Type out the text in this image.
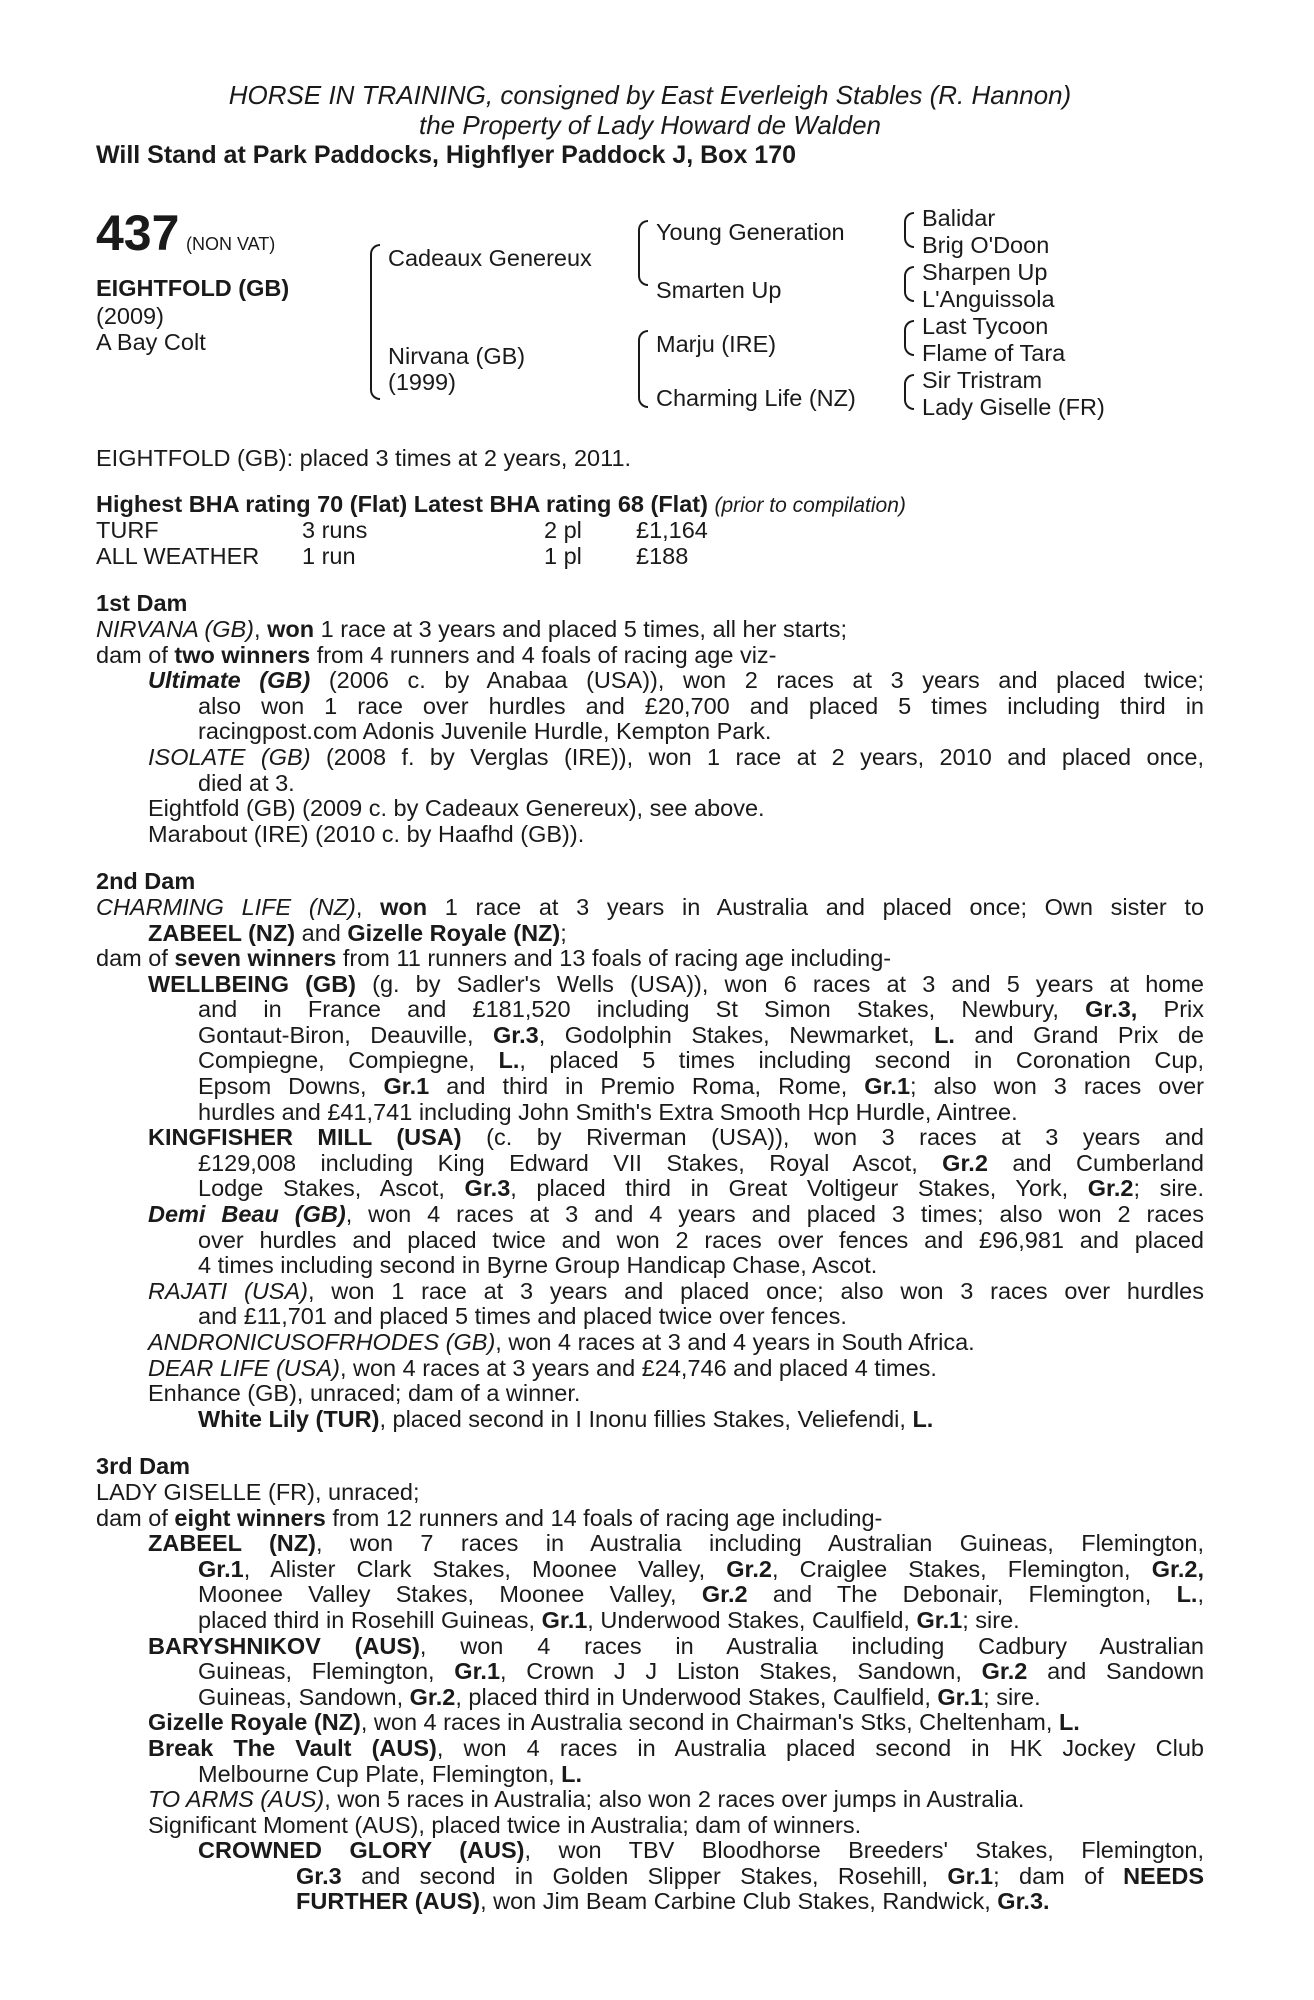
HORSE IN TRAINING, consigned by East Everleigh Stables (R. Hannon)
the Property of Lady Howard de Walden
Will Stand at Park Paddocks, Highflyer Paddock J, Box 170
437 (NON VAT)
EIGHTFOLD (GB)
(2009)
A Bay Colt
Cadeaux Genereux
Nirvana (GB)
(1999)
Young Generation
Smarten Up
Marju (IRE)
Charming Life (NZ)
Balidar
Brig O'Doon
Sharpen Up
L'Anguissola
Last Tycoon
Flame of Tara
Sir Tristram
Lady Giselle (FR)
EIGHTFOLD (GB): placed 3 times at 2 years, 2011.
Highest BHA rating 70 (Flat) Latest BHA rating 68 (Flat) (prior to compilation)
TURF	3 runs	2 pl £1,164
ALL WEATHER 1 run	1 pl £188
1st Dam
NIRVANA (GB), won 1 race at 3 years and placed 5 times, all her starts;
dam of two winners from 4 runners and 4 foals of racing age viz-
Ultimate (GB) (2006 c. by Anabaa (USA)), won 2 races at 3 years and placed twice;
also won 1 race over hurdles and £20,700 and placed 5 times including third in
racingpost.com Adonis Juvenile Hurdle, Kempton Park.
ISOLATE (GB) (2008 f. by Verglas (IRE)), won 1 race at 2 years, 2010 and placed once,
died at 3.
Eightfold (GB) (2009 c. by Cadeaux Genereux), see above.
Marabout (IRE) (2010 c. by Haafhd (GB)).
2nd Dam
CHARMING LIFE (NZ), won 1 race at 3 years in Australia and placed once; Own sister to
ZABEEL (NZ) and Gizelle Royale (NZ);
dam of seven winners from 11 runners and 13 foals of racing age including-
WELLBEING (GB) (g. by Sadler's Wells (USA)), won 6 races at 3 and 5 years at home
and in France and £181,520 including St Simon Stakes, Newbury, Gr.3, Prix
Gontaut-Biron, Deauville, Gr.3, Godolphin Stakes, Newmarket, L. and Grand Prix de
Compiegne, Compiegne, L., placed 5 times including second in Coronation Cup,
Epsom Downs, Gr.1 and third in Premio Roma, Rome, Gr.1; also won 3 races over
hurdles and £41,741 including John Smith's Extra Smooth Hcp Hurdle, Aintree.
KINGFISHER MILL (USA) (c. by Riverman (USA)), won 3 races at 3 years and
£129,008 including King Edward VII Stakes, Royal Ascot, Gr.2 and Cumberland
Lodge Stakes, Ascot, Gr.3, placed third in Great Voltigeur Stakes, York, Gr.2; sire.
Demi Beau (GB), won 4 races at 3 and 4 years and placed 3 times; also won 2 races
over hurdles and placed twice and won 2 races over fences and £96,981 and placed
4 times including second in Byrne Group Handicap Chase, Ascot.
RAJATI (USA), won 1 race at 3 years and placed once; also won 3 races over hurdles
and £11,701 and placed 5 times and placed twice over fences.
ANDRONICUSOFRHODES (GB), won 4 races at 3 and 4 years in South Africa.
DEAR LIFE (USA), won 4 races at 3 years and £24,746 and placed 4 times.
Enhance (GB), unraced; dam of a winner.
White Lily (TUR), placed second in I Inonu fillies Stakes, Veliefendi, L.
3rd Dam
LADY GISELLE (FR), unraced;
dam of eight winners from 12 runners and 14 foals of racing age including-
ZABEEL (NZ), won 7 races in Australia including Australian Guineas, Flemington,
Gr.1, Alister Clark Stakes, Moonee Valley, Gr.2, Craiglee Stakes, Flemington, Gr.2,
Moonee Valley Stakes, Moonee Valley, Gr.2 and The Debonair, Flemington, L.,
placed third in Rosehill Guineas, Gr.1, Underwood Stakes, Caulfield, Gr.1; sire.
BARYSHNIKOV (AUS), won 4 races in Australia including Cadbury Australian
Guineas, Flemington, Gr.1, Crown J J Liston Stakes, Sandown, Gr.2 and Sandown
Guineas, Sandown, Gr.2, placed third in Underwood Stakes, Caulfield, Gr.1; sire.
Gizelle Royale (NZ), won 4 races in Australia second in Chairman's Stks, Cheltenham, L.
Break The Vault (AUS), won 4 races in Australia placed second in HK Jockey Club
Melbourne Cup Plate, Flemington, L.
TO ARMS (AUS), won 5 races in Australia; also won 2 races over jumps in Australia.
Significant Moment (AUS), placed twice in Australia; dam of winners.
CROWNED GLORY (AUS), won TBV Bloodhorse Breeders' Stakes, Flemington,
Gr.3 and second in Golden Slipper Stakes, Rosehill, Gr.1; dam of NEEDS
FURTHER (AUS), won Jim Beam Carbine Club Stakes, Randwick, Gr.3.
